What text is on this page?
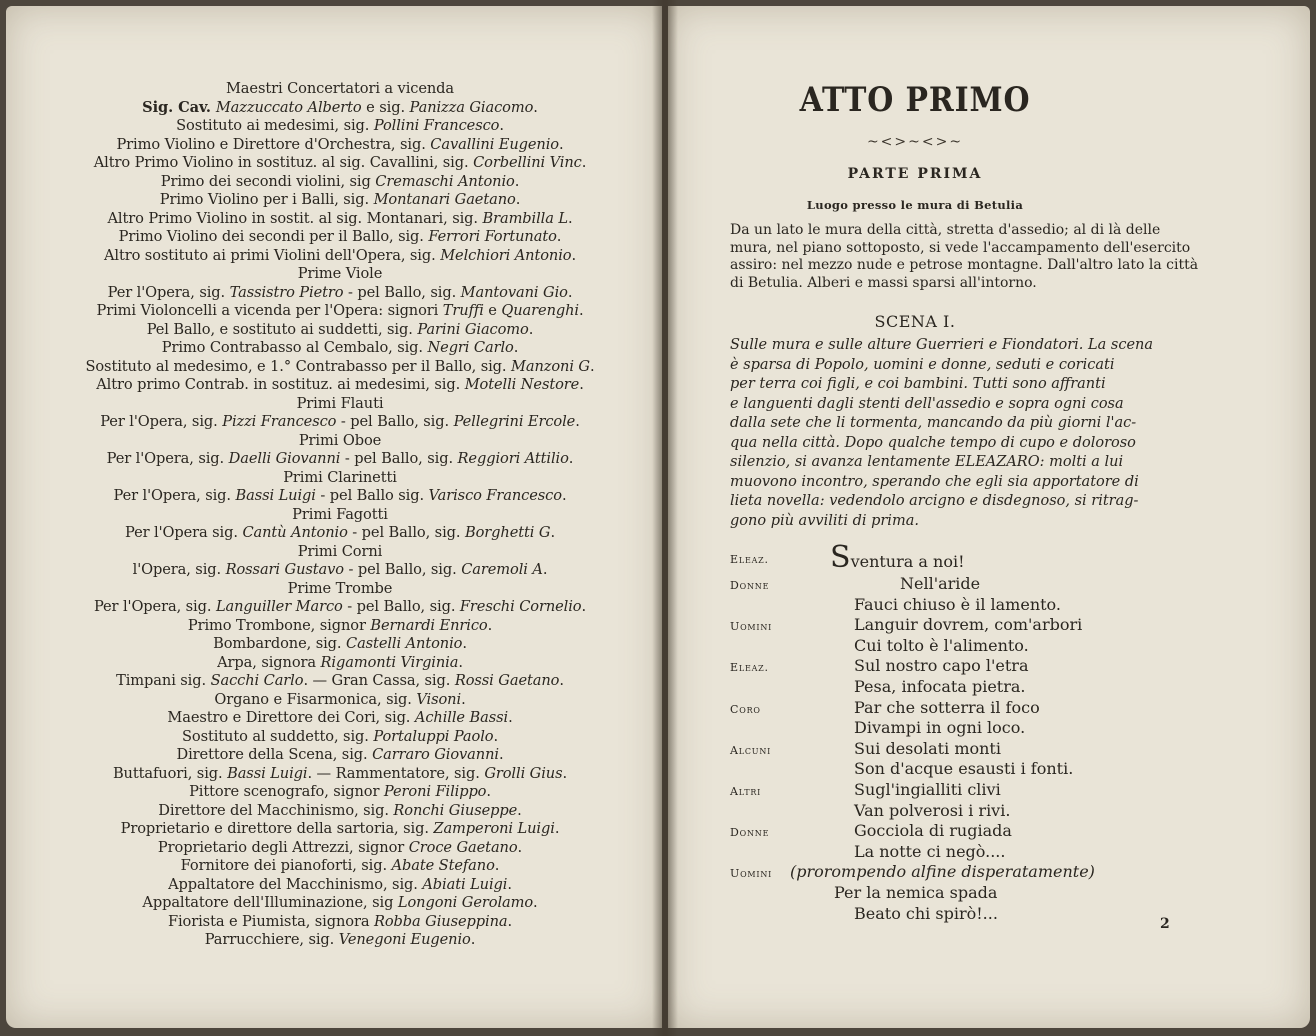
Maestri Concertatori a vicenda
Sig. Cav. Mazzuccato Alberto e sig. Panizza Giacomo.
Sostituto ai medesimi, sig. Pollini Francesco.
Primo Violino e Direttore d'Orchestra, sig. Cavallini Eugenio.
Altro Primo Violino in sostituz. al sig. Cavallini, sig. Corbellini Vinc.
Primo dei secondi violini, sig Cremaschi Antonio.
Primo Violino per i Balli, sig. Montanari Gaetano.
Altro Primo Violino in sostit. al sig. Montanari, sig. Brambilla L.
Primo Violino dei secondi per il Ballo, sig. Ferrori Fortunato.
Altro sostituto ai primi Violini dell'Opera, sig. Melchiori Antonio.
Prime Viole
Per l'Opera, sig. Tassistro Pietro - pel Ballo, sig. Mantovani Gio.
Primi Violoncelli a vicenda per l'Opera: signori Truffi e Quarenghi.
Pel Ballo, e sostituto ai suddetti, sig. Parini Giacomo.
Primo Contrabasso al Cembalo, sig. Negri Carlo.
Sostituto al medesimo, e 1.° Contrabasso per il Ballo, sig. Manzoni G.
Altro primo Contrab. in sostituz. ai medesimi, sig. Motelli Nestore.
Primi Flauti
Per l'Opera, sig. Pizzi Francesco - pel Ballo, sig. Pellegrini Ercole.
Primi Oboe
Per l'Opera, sig. Daelli Giovanni - pel Ballo, sig. Reggiori Attilio.
Primi Clarinetti
Per l'Opera, sig. Bassi Luigi - pel Ballo sig. Varisco Francesco.
Primi Fagotti
Per l'Opera sig. Cantù Antonio - pel Ballo, sig. Borghetti G.
Primi Corni
l'Opera, sig. Rossari Gustavo - pel Ballo, sig. Caremoli A.
Prime Trombe
Per l'Opera, sig. Languiller Marco - pel Ballo, sig. Freschi Cornelio.
Primo Trombone, signor Bernardi Enrico.
Bombardone, sig. Castelli Antonio.
Arpa, signora Rigamonti Virginia.
Timpani sig. Sacchi Carlo. — Gran Cassa, sig. Rossi Gaetano.
Organo e Fisarmonica, sig. Visoni.
Maestro e Direttore dei Cori, sig. Achille Bassi.
Sostituto al suddetto, sig. Portaluppi Paolo.
Direttore della Scena, sig. Carraro Giovanni.
Buttafuori, sig. Bassi Luigi. — Rammentatore, sig. Grolli Gius.
Pittore scenografo, signor Peroni Filippo.
Direttore del Macchinismo, sig. Ronchi Giuseppe.
Proprietario e direttore della sartoria, sig. Zamperoni Luigi.
Proprietario degli Attrezzi, signor Croce Gaetano.
Fornitore dei pianoforti, sig. Abate Stefano.
Appaltatore del Macchinismo, sig. Abiati Luigi.
Appaltatore dell'Illuminazione, sig Longoni Gerolamo.
Fiorista e Piumista, signora Robba Giuseppina.
Parrucchiere, sig. Venegoni Eugenio.
ATTO PRIMO
~<>~<>~
PARTE PRIMA
Luogo presso le mura di Betulia
Da un lato le mura della città, stretta d'assedio; al di là delle
mura, nel piano sottoposto, si vede l'accampamento dell'esercito
assiro: nel mezzo nude e petrose montagne. Dall'altro lato la città
di Betulia. Alberi e massi sparsi all'intorno.
SCENA I.
Sulle mura e sulle alture Guerrieri e Fiondatori. La scena
è sparsa di Popolo, uomini e donne, seduti e coricati
per terra coi figli, e coi bambini. Tutti sono affranti
e languenti dagli stenti dell'assedio e sopra ogni cosa
dalla sete che li tormenta, mancando da più giorni l'ac-
qua nella città. Dopo qualche tempo di cupo e doloroso
silenzio, si avanza lentamente ELEAZARO: molti a lui
muovono incontro, sperando che egli sia apportatore di
lieta novella: vedendolo arcigno e disdegnoso, si ritrag-
gono più avviliti di prima.
Eleaz.	Sventura a noi!
Donne	Nell'aride
Fauci chiuso è il lamento.
Uomini	Languir dovrem, com'arbori
Cui tolto è l'alimento.
Eleaz.	Sul nostro capo l'etra
Pesa, infocata pietra.
Coro	Par che sotterra il foco
Divampi in ogni loco.
Alcuni	Sui desolati monti
Son d'acque esausti i fonti.
Altri	Sugl'ingialliti clivi
Van polverosi i rivi.
Donne	Gocciola di rugiada
La notte ci negò....
Uomini (prorompendo alfine disperatamente)
Per la nemica spada
Beato chi spirò!...
2
